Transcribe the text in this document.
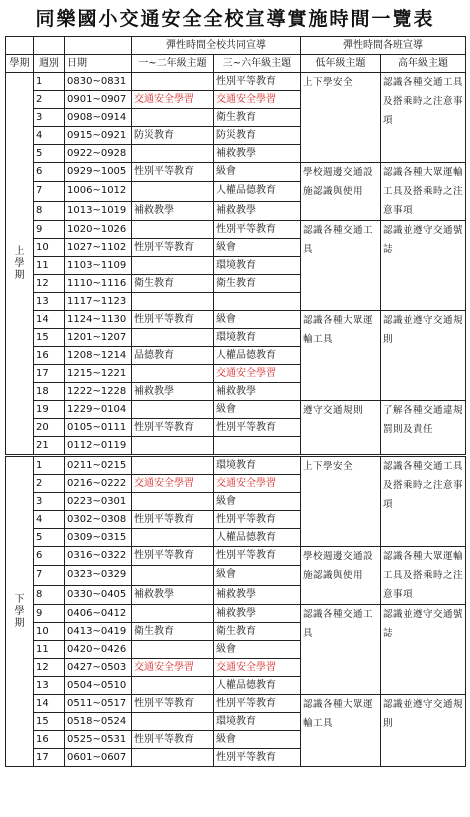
同樂國小交通安全全校宣導實施時間一覽表
			彈性時間全校共同宣導		彈性時間各班宣導	
學期	週別	日期	一~二年級主題	三~六年級主題	低年級主題	高年級主題
上學期	1	0830~0831		性別平等教育	上下學安全	認識各種交通工具及搭乘時之注意事項
	2	0901~0907	交通安全學習	交通安全學習		
	3	0908~0914		衛生教育		
	4	0915~0921	防災教育	防災教育		
	5	0922~0928		補救教學		
	6	0929~1005	性別平等教育	級會	學校週邊交通設施認識與使用	認識各種大眾運輸工具及搭乘時之注意事項
	7	1006~1012		人權品德教育		
	8	1013~1019	補救教學	補救教學		
	9	1020~1026		性別平等教育	認識各種交通工具	認識並遵守交通號誌
	10	1027~1102	性別平等教育	級會		
	11	1103~1109		環境教育		
	12	1110~1116	衛生教育	衛生教育		
	13	1117~1123				
	14	1124~1130	性別平等教育	級會	認識各種大眾運輸工具	認識並遵守交通規則
	15	1201~1207		環境教育		
	16	1208~1214	品德教育	人權品德教育		
	17	1215~1221		交通安全學習		
	18	1222~1228	補救教學	補救教學		
	19	1229~0104		級會	遵守交通規則	了解各種交通違規罰則及責任
	20	0105~0111	性別平等教育	性別平等教育		
	21	0112~0119				
下學期	1	0211~0215		環境教育	上下學安全	認識各種交通工具及搭乘時之注意事項
	2	0216~0222	交通安全學習	交通安全學習		
	3	0223~0301		級會		
	4	0302~0308	性別平等教育	性別平等教育		
	5	0309~0315		人權品德教育		
	6	0316~0322	性別平等教育	性別平等教育	學校週邊交通設施認識與使用	認識各種大眾運輸工具及搭乘時之注意事項
	7	0323~0329		級會		
	8	0330~0405	補救教學	補救教學		
	9	0406~0412		補救教學	認識各種交通工具	認識並遵守交通號誌
	10	0413~0419	衛生教育	衛生教育		
	11	0420~0426		級會		
	12	0427~0503	交通安全學習	交通安全學習		
	13	0504~0510		人權品德教育		
	14	0511~0517	性別平等教育	性別平等教育	認識各種大眾運輸工具	認識並遵守交通規則
	15	0518~0524		環境教育		
	16	0525~0531	性別平等教育	級會		
	17	0601~0607		性別平等教育		
